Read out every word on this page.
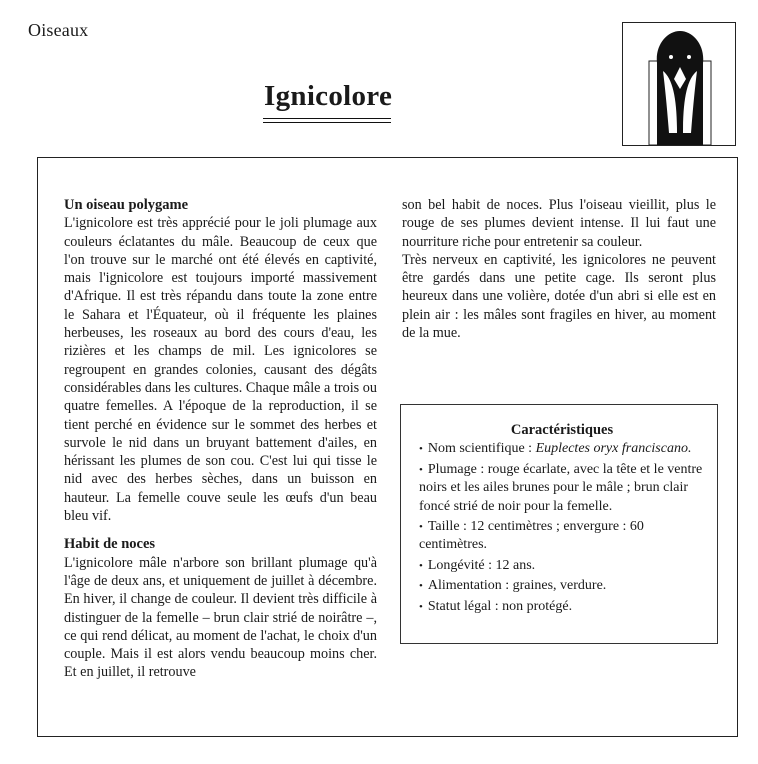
Oiseaux
Ignicolore
Un oiseau polygame

L'ignicolore est très apprécié pour le joli plumage aux couleurs éclatantes du mâle. Beaucoup de ceux que l'on trouve sur le marché ont été élevés en captivité, mais l'ignicolore est toujours importé massivement d'Afrique. Il est très répandu dans toute la zone entre le Sahara et l'Équateur, où il fréquente les plaines herbeuses, les roseaux au bord des cours d'eau, les rizières et les champs de mil. Les ignicolores se regroupent en grandes colonies, causant des dégâts considérables dans les cultures. Chaque mâle a trois ou quatre femelles. A l'époque de la reproduction, il se tient perché en évidence sur le sommet des herbes et survole le nid dans un bruyant battement d'ailes, en hérissant les plumes de son cou. C'est lui qui tisse le nid avec des herbes sèches, dans un buisson en hauteur. La femelle couve seule les œufs d'un beau bleu vif.

Habit de noces

L'ignicolore mâle n'arbore son brillant plumage qu'à l'âge de deux ans, et uniquement de juillet à décembre. En hiver, il change de couleur. Il devient très difficile à distinguer de la femelle – brun clair strié de noirâtre –, ce qui rend délicat, au moment de l'achat, le choix d'un couple. Mais il est alors vendu beaucoup moins cher. Et en juillet, il retrouve

son bel habit de noces. Plus l'oiseau vieillit, plus le rouge de ses plumes devient intense. Il lui faut une nourriture riche pour entretenir sa couleur.

Très nerveux en captivité, les ignicolores ne peuvent être gardés dans une petite cage. Ils seront plus heureux dans une volière, dotée d'un abri si elle est en plein air : les mâles sont fragiles en hiver, au moment de la mue.

Caractéristiques
• Nom scientifique : Euplectes oryx franciscano.
• Plumage : rouge écarlate, avec la tête et le ventre noirs et les ailes brunes pour le mâle ; brun clair foncé strié de noir pour la femelle.
• Taille : 12 centimètres ; envergure : 60 centimètres.
• Longévité : 12 ans.
• Alimentation : graines, verdure.
• Statut légal : non protégé.
